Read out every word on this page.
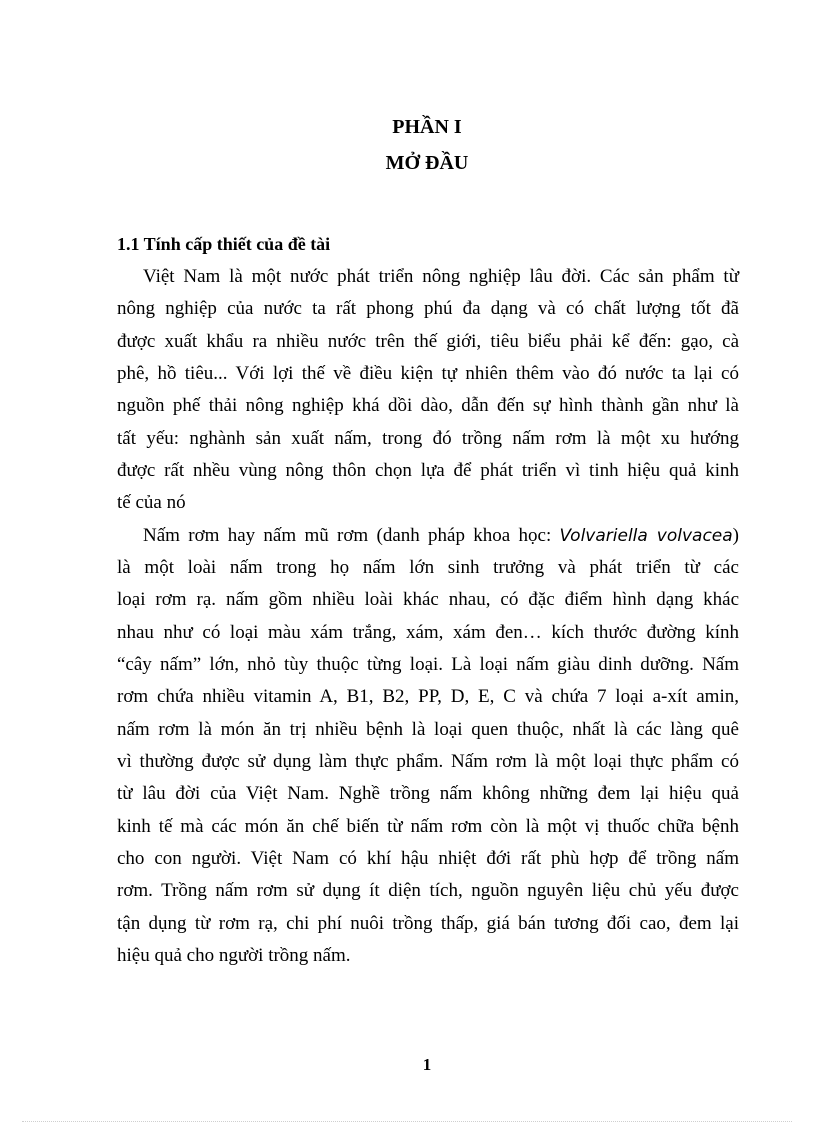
PHẦN I
MỞ ĐẦU
1.1 Tính cấp thiết của đề tài

Việt Nam là một nước phát triển nông nghiệp lâu đời. Các sản phẩm từ

nông nghiệp của nước ta rất phong phú đa dạng và có chất lượng tốt đã

được xuất khẩu ra nhiều nước trên thế giới, tiêu biểu phải kể đến: gạo, cà

phê, hồ tiêu... Với lợi thế về điều kiện tự nhiên thêm vào đó nước ta lại có

nguồn phế thải nông nghiệp khá dồi dào, dẫn đến sự hình thành gần như là

tất yếu: nghành sản xuất nấm, trong đó trồng nấm rơm là một xu hướng

được rất nhều vùng nông thôn chọn lựa để phát triển vì tinh hiệu quả kinh

tế của nó

Nấm rơm hay nấm mũ rơm (danh pháp khoa học: Volvariella volvacea)

là một loài nấm trong họ nấm lớn sinh trưởng và phát triển từ các

loại rơm rạ. nấm gồm nhiều loài khác nhau, có đặc điểm hình dạng khác

nhau như có loại màu xám trắng, xám, xám đen… kích thước đường kính

“cây nấm” lớn, nhỏ tùy thuộc từng loại. Là loại nấm giàu dinh dưỡng. Nấm

rơm chứa nhiều vitamin A, B1, B2, PP, D, E, C và chứa 7 loại a-xít amin,

nấm rơm là món ăn trị nhiều bệnh là loại quen thuộc, nhất là các làng quê

vì thường được sử dụng làm thực phẩm. Nấm rơm là một loại thực phẩm có

từ lâu đời của Việt Nam. Nghề trồng nấm không những đem lại hiệu quả

kinh tế mà các món ăn chế biến từ nấm rơm còn là một vị thuốc chữa bệnh

cho con người. Việt Nam có khí hậu nhiệt đới rất phù hợp để trồng nấm

rơm. Trồng nấm rơm sử dụng ít diện tích, nguồn nguyên liệu chủ yếu được

tận dụng từ rơm rạ, chi phí nuôi trồng thấp, giá bán tương đối cao, đem lại

hiệu quả cho người trồng nấm.

1
